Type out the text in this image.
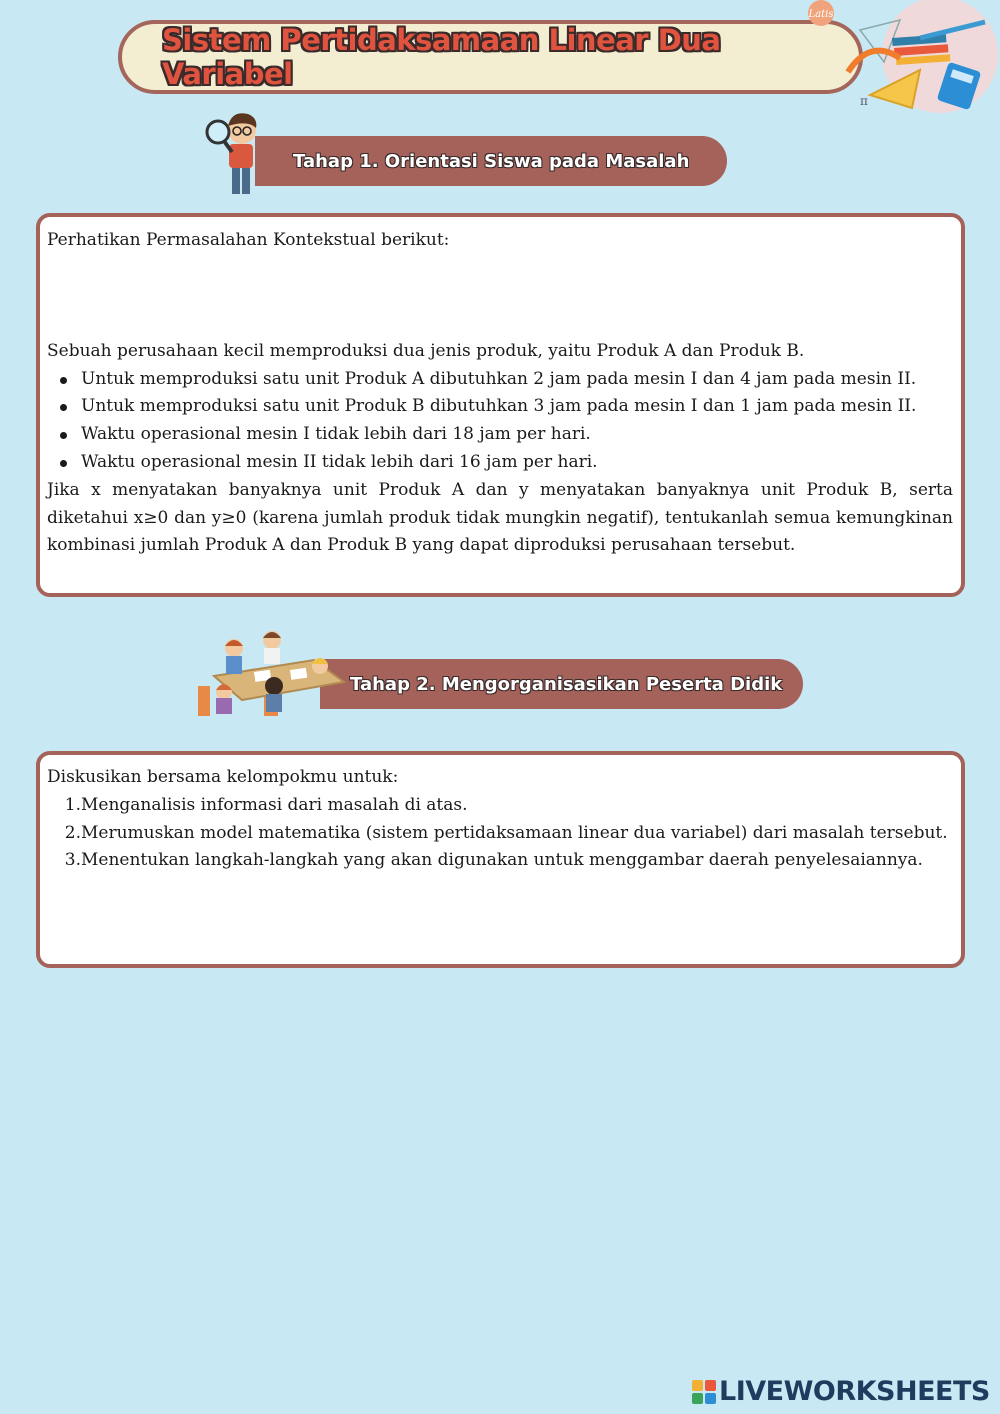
Sistem Pertidaksamaan Linear Dua Variabel
Latis
π
Tahap 1. Orientasi Siswa pada Masalah

Perhatikan Permasalahan Kontekstual berikut:

Sebuah perusahaan kecil memproduksi dua jenis produk, yaitu Produk A dan Produk B.

Untuk memproduksi satu unit Produk A dibutuhkan 2 jam pada mesin I dan 4 jam pada mesin II.
Untuk memproduksi satu unit Produk B dibutuhkan 3 jam pada mesin I dan 1 jam pada mesin II.
Waktu operasional mesin I tidak lebih dari 18 jam per hari.
Waktu operasional mesin II tidak lebih dari 16 jam per hari.

Jika x menyatakan banyaknya unit Produk A dan y menyatakan banyaknya unit Produk B, serta diketahui x≥0 dan y≥0 (karena jumlah produk tidak mungkin negatif), tentukanlah semua kemungkinan kombinasi jumlah Produk A dan Produk B yang dapat diproduksi perusahaan tersebut.

Tahap 2. Mengorganisasikan Peserta Didik

Diskusikan bersama kelompokmu untuk:

1. Menganalisis informasi dari masalah di atas.
2. Merumuskan model matematika (sistem pertidaksamaan linear dua variabel) dari masalah tersebut.
3. Menentukan langkah-langkah yang akan digunakan untuk menggambar daerah penyelesaiannya.
LIVEWORKSHEETS
